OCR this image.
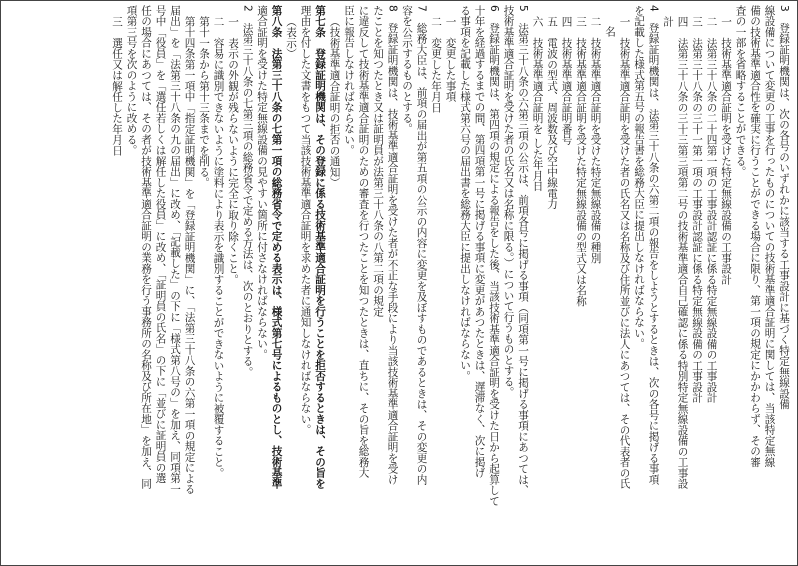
3　登録証明機関は、次の各号のいずれかに該当する工事設計に基づく特定無線設備
線設備について変更の工事を行ったものについての技術基準適合証明に関しては、当該特定無線
備の技術基準適合性を確実に行うことができる場合に限り、第一項の規定にかかわらず、その審
査の一部を省略することができる。
一　技術基準適合証明を受けた特定無線設備の工事設計
二　法第三十八条の二十四第一項の工事設計認証に係る特定無線設備の工事設計
三　法第三十八条の三十一第一項の工事設計認証に係る特定無線設備の工事設計
四　法第三十八条の三十三第三項第二号の技術基準適合自己確認に係る特別特定無線設備の工事設
計
4　登録証明機関は、法第三十八条の六第二項の報告をしようとするときは、次の各号に掲げる事項
を記載した様式第五号の報告書を総務大臣に提出しなければならない。
一　技術基準適合証明を受けた者の氏名又は名称及び住所並びに法人にあつては、その代表者の氏
名
二　技術基準適合証明を受けた特定無線設備の種別
三　技術基準適合証明を受けた特定無線設備の型式又は名称
四　技術基準適合証明番号
五　電波の型式、周波数及び空中線電力
六　技術基準適合証明を した年月日
5　法第三十八条の六第三項の公示は、前項各号に掲げる事項（同項第一号に掲げる事項にあつては、
技術基準適合証明を受けた者の氏名又は名称に限る。）について行うものとする。
6　登録証明機関は、第四項の規定による報告をした後、当該技術基準適合証明を受けた日から起算して
十年を経過するまでの間、第四項第一号に掲げる事項に変更があつたときは、遅滞なく、次に掲げ
る事項を記載した様式第六号の届出書を総務大臣に提出しなければならない。
一　変更した事項
二　変更した年月日
7　総務大臣は、前項の届出が第五項の公示の内容に変更を及ぼすものであるときは、その変更の内
容を公示するものとする。
8　登録証明機関は、技術基準適合証明を受けた者が不正な手段により当該技術基準適合証明を受け
たことを知つたとき又は証明員が法第三十八条の八第二項の規定
に違反して技術基準適合証明のための審査を行つたことを知つたときは、直ちに、その旨を総務大
臣に報告しなければならない。
（技術基準適合証明の拒否の通知）
第七条　登録証明機関は、その登録に係る技術基準適合証明を行うことを拒否するときは、その旨を
理由を付した文書をもつて当該技術基準適合証明を求めた者に通知しなければならない。
（表示）
第八条　法第三十八条の七第一項の総務省令で定める表示は、様式第七号によるものとし、技術基準
適合証明を受けた特定無線設備の見やすい箇所に付さなければならない。
2　法第三十八条の七第三項の総務省令で定める方法は、次のとおりとする。
一　表示の外観が残らないように完全に取り除くこと。
二　容易に識別できないように塗料により表示を識別することができないように被覆すること。
第十一条から第十三条までを削る。
第十四条第一項中「指定証明機関」を「登録証明機関」に、「法第三十八条の六第一項の規定による
届出」を「法第三十八条の九の届出」に改め、「記載した」の下に「様式第八号の」を加え、同項第一
号中「役員」を「選任若しくは解任した役員」に改め、「証明員の氏名」の下に「並びに証明員の選
任の場合にあつては、その者が技術基準適合証明の業務を行う事務所の名称及び所在地」を加え、同
項第三号を次のように改める。
三　選任又は解任した年月日
